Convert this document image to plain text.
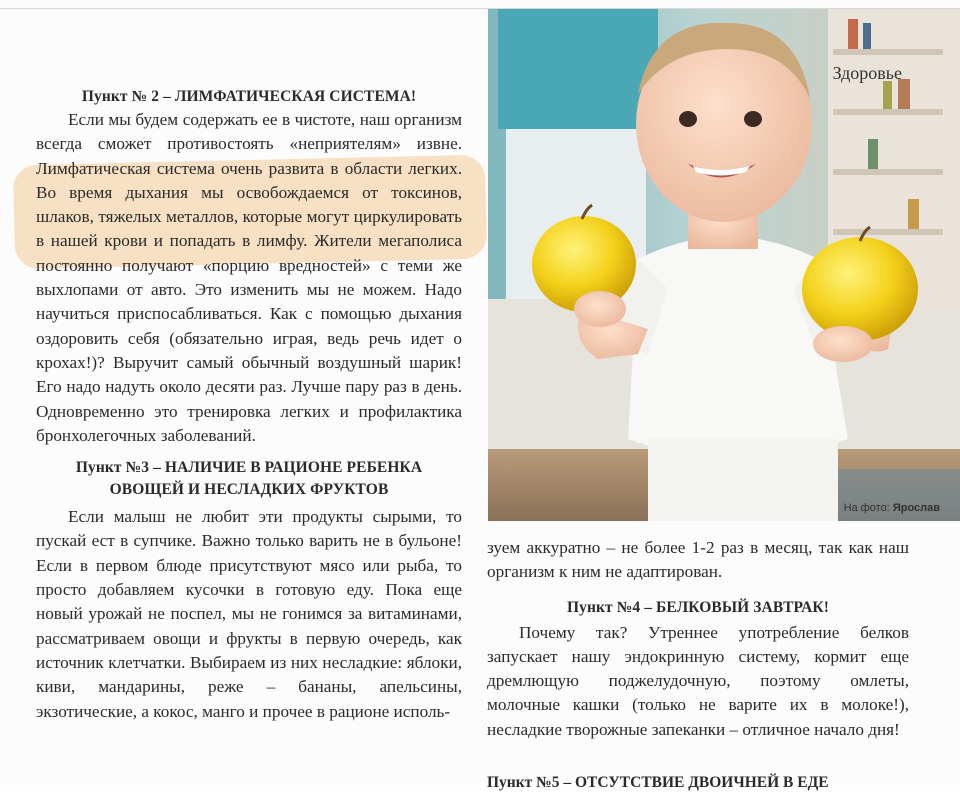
Пункт № 2 – ЛИМФАТИЧЕСКАЯ СИСТЕМА!

Если мы будем содержать ее в чистоте, наш организм всегда сможет противостоять «неприятелям» извне. Лимфатическая система очень развита в области легких. Во время дыхания мы освобождаемся от токсинов, шлаков, тяжелых металлов, которые могут циркулировать в нашей крови и попадать в лимфу. Жители мегаполиса постоянно получают «порцию вредностей» с теми же выхлопами от авто. Это изменить мы не можем. Надо научиться приспосабливаться. Как с помощью дыхания оздоровить себя (обязательно играя, ведь речь идет о крохах!)? Выручит самый обычный воздушный шарик! Его надо надуть около десяти раз. Лучше пару раз в день. Одновременно это тренировка легких и профилактика бронхолегочных заболеваний.

Пункт №3 – НАЛИЧИЕ В РАЦИОНЕ РЕБЕНКА ОВОЩЕЙ И НЕСЛАДКИХ ФРУКТОВ

Если малыш не любит эти продукты сырыми, то пускай ест в супчике. Важно только варить не в бульоне! Если в первом блюде присутствуют мясо или рыба, то просто добавляем кусочки в готовую еду. Пока еще новый урожай не поспел, мы не гонимся за витаминами, рассматриваем овощи и фрукты в первую очередь, как источник клетчатки. Выбираем из них несладкие: яблоки, киви, мандарины, реже – бананы, апельсины, экзотические, а кокос, манго и прочее в рационе исполь-

Здоровье
На фото: Ярослав

зуем аккуратно – не более 1-2 раз в месяц, так как наш организм к ним не адаптирован.

Пункт №4 – БЕЛКОВЫЙ ЗАВТРАК!

Почему так? Утреннее употребление белков запускает нашу эндокринную систему, кормит еще дремлющую поджелудочную, поэтому омлеты, молочные кашки (только не варите их в молоке!), несладкие творожные запеканки – отличное начало дня!

Пункт №5 – ОТСУТСТВИЕ ДВОИЧНЕЙ В ЕДЕ
